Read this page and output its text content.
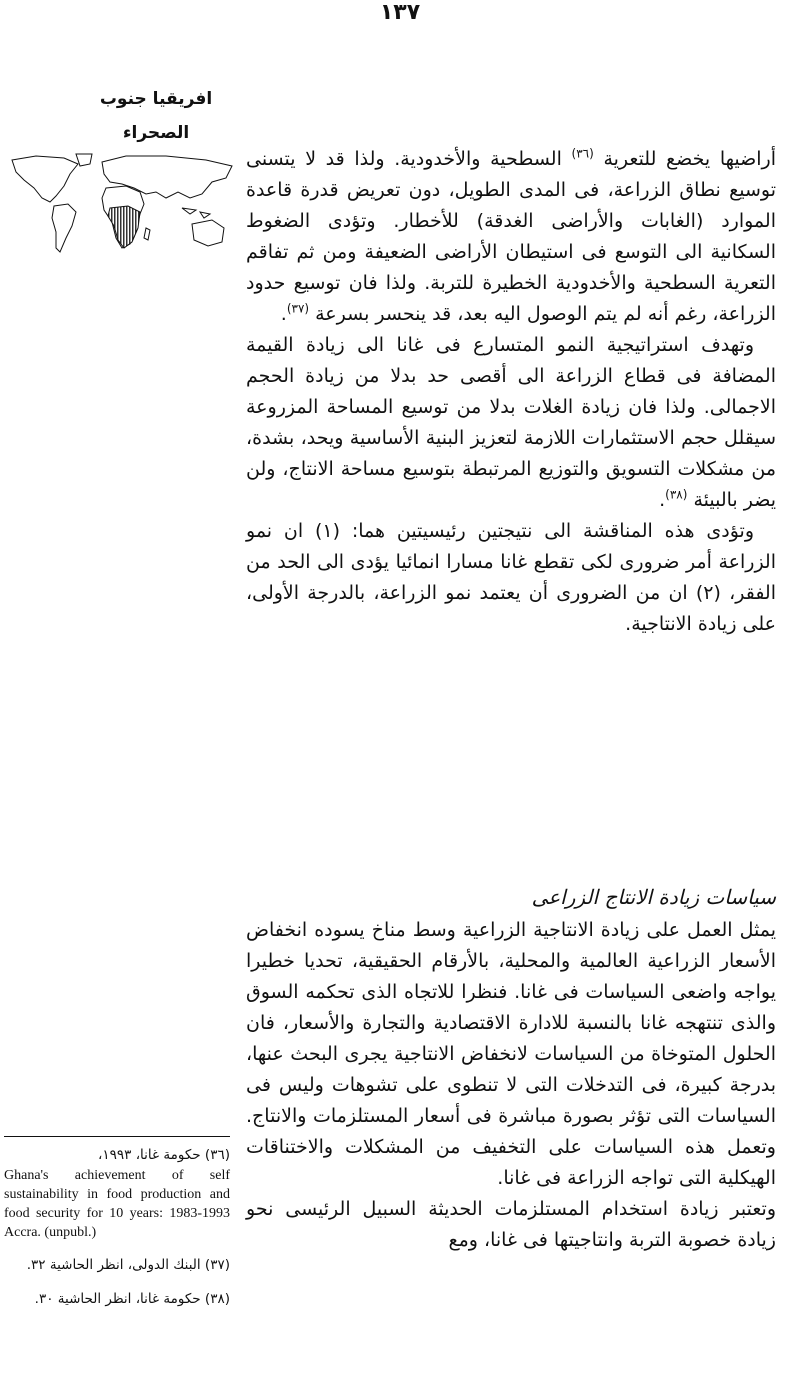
١٣٧
افريقيا جنوب الصحراء

أراضيها يخضع للتعرية $^{(٣٦)}$ السطحية والأخدودية. ولذا قد لا يتسنى توسيع نطاق الزراعة، فى المدى الطويل، دون تعريض قدرة قاعدة الموارد (الغابات والأراضى الغدقة) للأخطار. وتؤدى الضغوط السكانية الى التوسع فى استيطان الأراضى الضعيفة ومن ثم تفاقم التعرية السطحية والأخدودية الخطيرة للتربة. ولذا فان توسيع حدود الزراعة، رغم أنه لم يتم الوصول اليه بعد، قد ينحسر بسرعة $^{(٣٧)}$.

وتهدف استراتيجية النمو المتسارع فى غانا الى زيادة القيمة المضافة فى قطاع الزراعة الى أقصى حد بدلا من زيادة الحجم الاجمالى. ولذا فان زيادة الغلات بدلا من توسيع المساحة المزروعة سيقلل حجم الاستثمارات اللازمة لتعزيز البنية الأساسية ويحد، بشدة، من مشكلات التسويق والتوزيع المرتبطة بتوسيع مساحة الانتاج، ولن يضر بالبيئة $^{(٣٨)}$.

وتؤدى هذه المناقشة الى نتيجتين رئيسيتين هما: (١) ان نمو الزراعة أمر ضرورى لكى تقطع غانا مسارا انمائيا يؤدى الى الحد من الفقر، (٢) ان من الضرورى أن يعتمد نمو الزراعة، بالدرجة الأولى، على زيادة الانتاجية.

سياسات زيادة الانتاج الزراعى

يمثل العمل على زيادة الانتاجية الزراعية وسط مناخ يسوده انخفاض الأسعار الزراعية العالمية والمحلية، بالأرقام الحقيقية، تحديا خطيرا يواجه واضعى السياسات فى غانا. فنظرا للاتجاه الذى تحكمه السوق والذى تنتهجه غانا بالنسبة للادارة الاقتصادية والتجارة والأسعار، فان الحلول المتوخاة من السياسات لانخفاض الانتاجية يجرى البحث عنها، بدرجة كبيرة، فى التدخلات التى لا تنطوى على تشوهات وليس فى السياسات التى تؤثر بصورة مباشرة فى أسعار المستلزمات والانتاج. وتعمل هذه السياسات على التخفيف من المشكلات والاختناقات الهيكلية التى تواجه الزراعة فى غانا.

وتعتبر زيادة استخدام المستلزمات الحديثة السبيل الرئيسى نحو زيادة خصوبة التربة وانتاجيتها فى غانا، ومع

(٣٦) حكومة غانا، ١٩٩٣،
Ghana's achievement of self sustainability in food production and food security for 10 years: 1983-1993 Accra. (unpubl.)
(٣٧) البنك الدولى، انظر الحاشية ٣٢.
(٣٨) حكومة غانا، انظر الحاشية ٣٠.
